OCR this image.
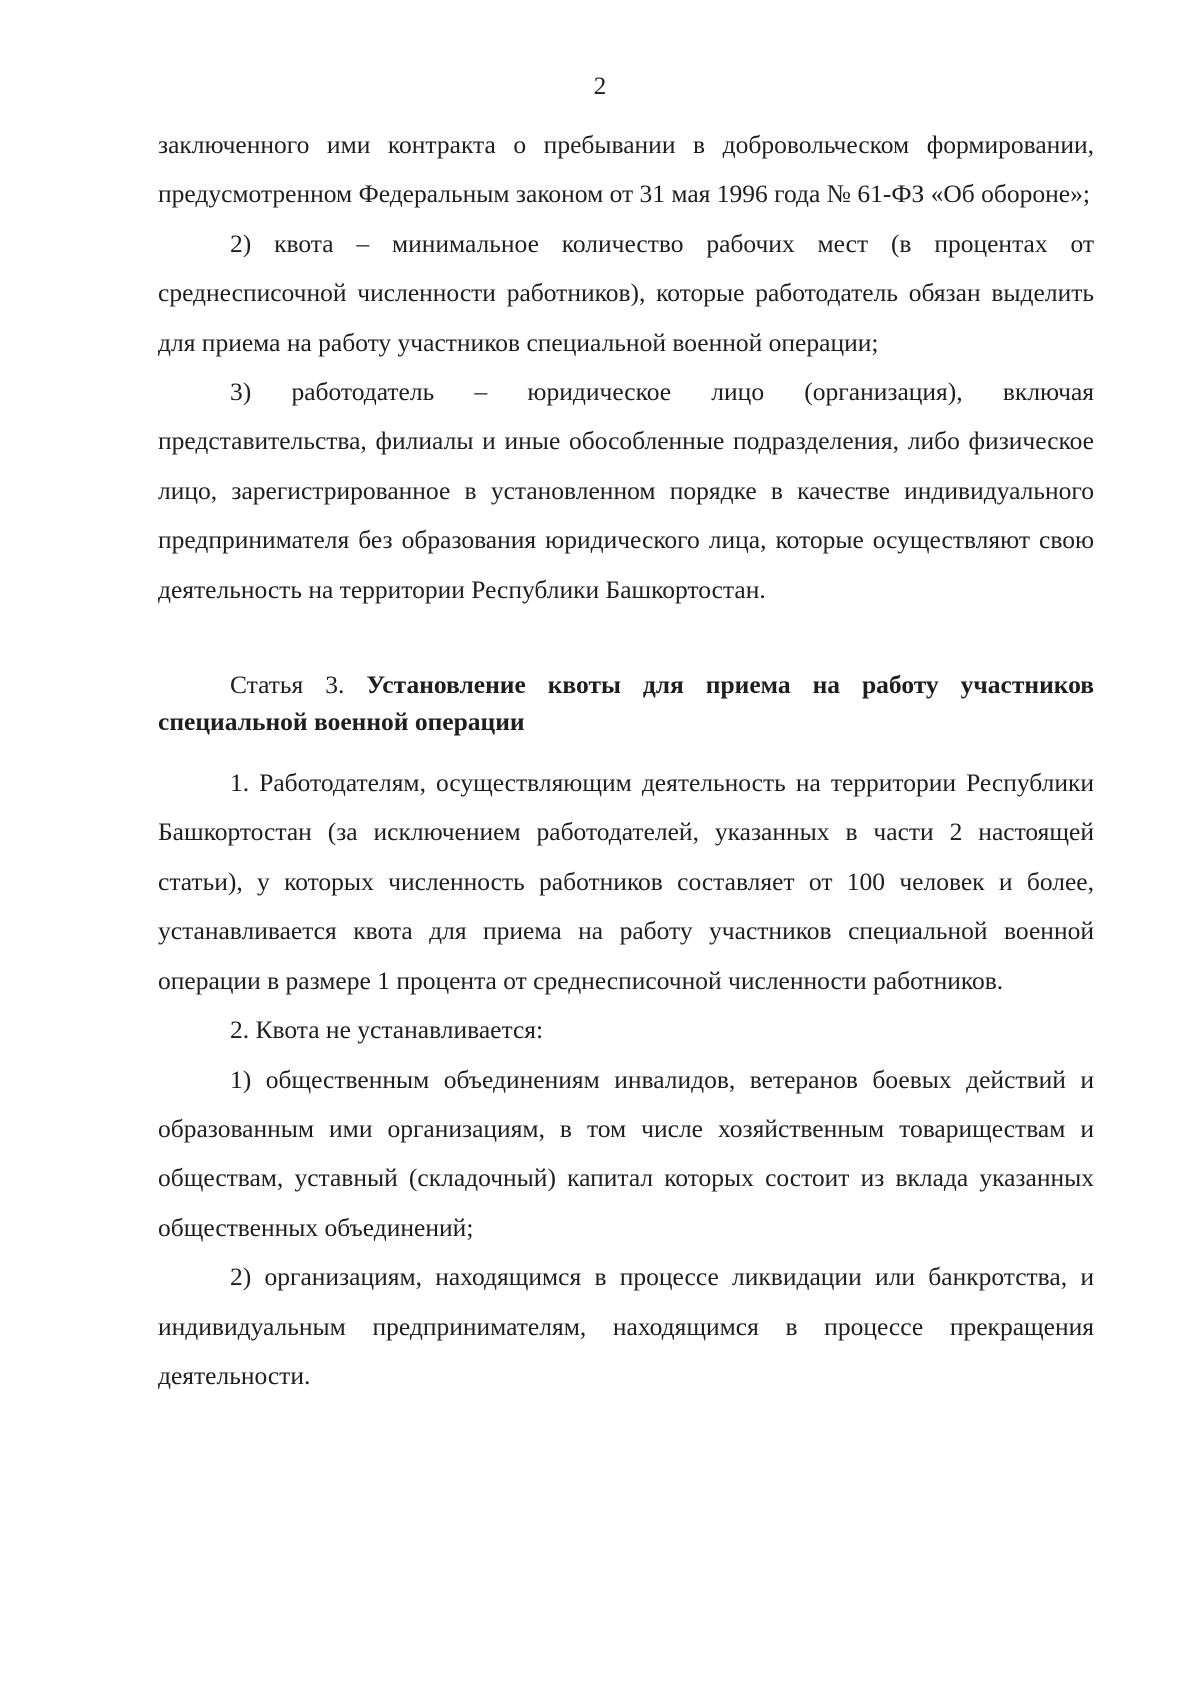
2

заключенного ими контракта о пребывании в добровольческом формировании, предусмотренном Федеральным законом от 31 мая 1996 года № 61-ФЗ «Об обороне»;

2) квота – минимальное количество рабочих мест (в процентах от среднесписочной численности работников), которые работодатель обязан выделить для приема на работу участников специальной военной операции;

3) работодатель – юридическое лицо (организация), включая представительства, филиалы и иные обособленные подразделения, либо физическое лицо, зарегистрированное в установленном порядке в качестве индивидуального предпринимателя без образования юридического лица, которые осуществляют свою деятельность на территории Республики Башкортостан.

Статья 3. Установление квоты для приема на работу участников специальной военной операции

1. Работодателям, осуществляющим деятельность на территории Республики Башкортостан (за исключением работодателей, указанных в части 2 настоящей статьи), у которых численность работников составляет от 100 человек и более, устанавливается квота для приема на работу участников специальной военной операции в размере 1 процента от среднесписочной численности работников.

2. Квота не устанавливается:

1) общественным объединениям инвалидов, ветеранов боевых действий и образованным ими организациям, в том числе хозяйственным товариществам и обществам, уставный (складочный) капитал которых состоит из вклада указанных общественных объединений;

2) организациям, находящимся в процессе ликвидации или банкротства, и индивидуальным предпринимателям, находящимся в процессе прекращения деятельности.
